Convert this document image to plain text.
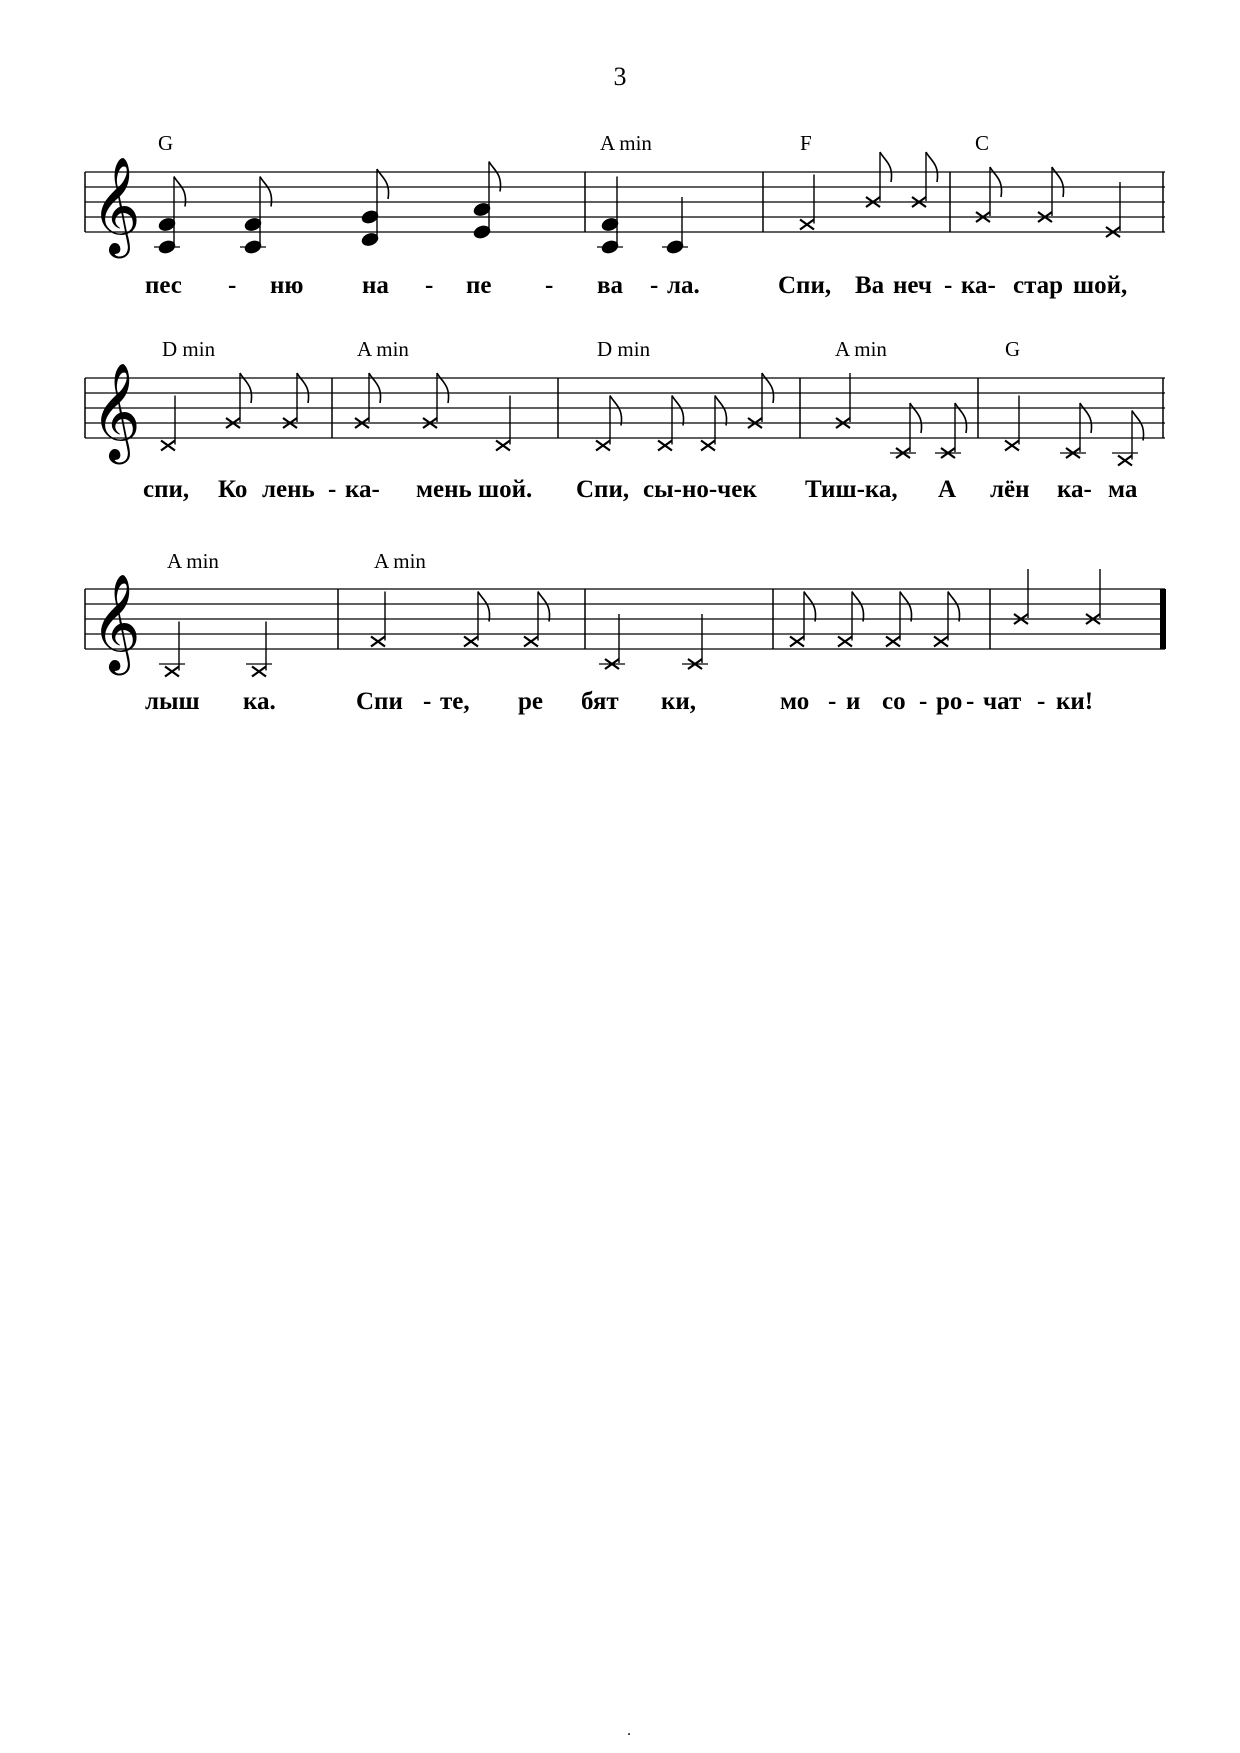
3
𝄞
𝄞
𝄞
G	A min	F	C
пес - ню на - пе - ва - ла.	Спи, Ва неч - ка- стар шой,
D min	A min	D min	A min	G
спи, Ко лень - ка- мень шой. Спи, сы-но-чек Тиш-ка, А лён ка- ма
A min	A min
лыш ка.	Спи - те, ре бят ки,	мо - и со - ро - чат - ки!
.
